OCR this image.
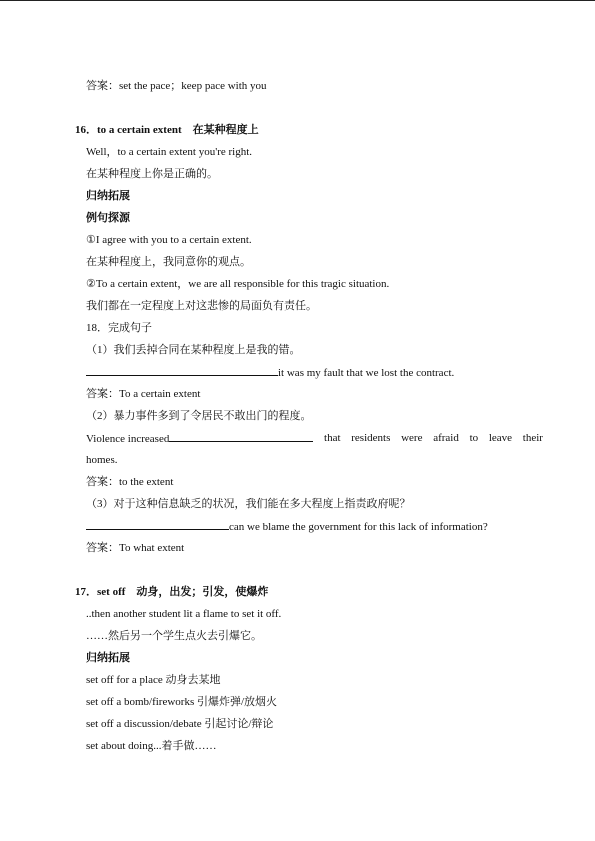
答案：set the pace；keep pace with you
16．to a certain extent　在某种程度上
Well，to a certain extent you're right.
在某种程度上你是正确的。
归纳拓展
例句探源
①I agree with you to a certain extent.
在某种程度上，我同意你的观点。
②To a certain extent，we are all responsible for this tragic situation.
我们都在一定程度上对这悲惨的局面负有责任。
18．完成句子
（1）我们丢掉合同在某种程度上是我的错。
it was my fault that we lost the contract.
答案：To a certain extent
（2）暴力事件多到了令居民不敢出门的程度。
Violence increased	that residents were afraid to leave their
homes.
答案：to the extent
（3）对于这种信息缺乏的状况，我们能在多大程度上指责政府呢？
can we blame the government for this lack of information?
答案：To what extent
17．set off　动身，出发；引发，使爆炸
..then another student lit a flame to set it off.
……然后另一个学生点火去引爆它。
归纳拓展
set off for a place 动身去某地
set off a bomb/fireworks 引爆炸弹/放烟火
set off a discussion/debate 引起讨论/辩论
set about doing...着手做……
